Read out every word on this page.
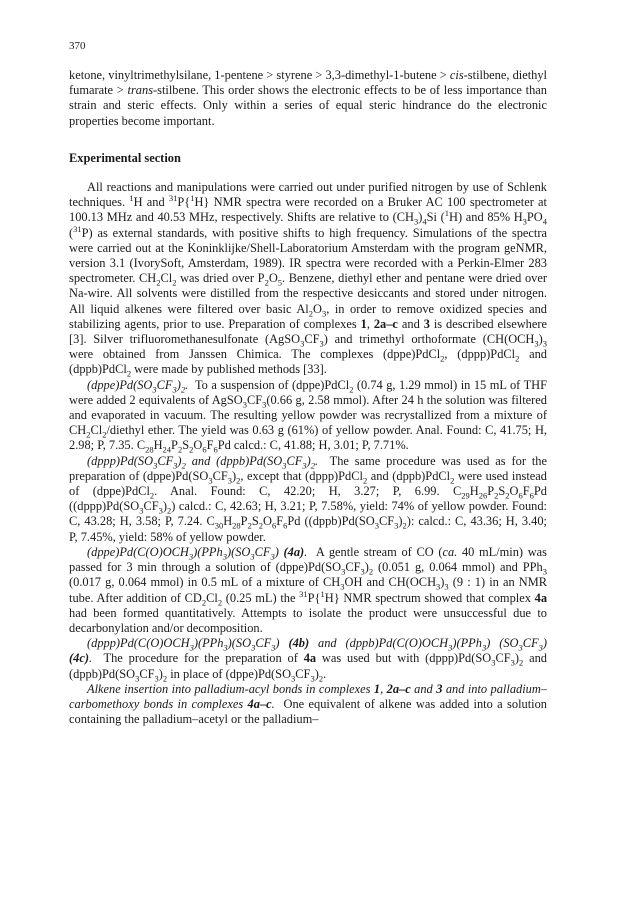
370

ketone, vinyltrimethylsilane, 1-pentene > styrene > 3,3-dimethyl-1-butene > cis-stilbene, diethyl fumarate > trans-stilbene. This order shows the electronic effects to be of less importance than strain and steric effects. Only within a series of equal steric hindrance do the electronic properties become important.

Experimental section

All reactions and manipulations were carried out under purified nitrogen by use of Schlenk techniques. $^1$H and $^{31}$P{$^1$H} NMR spectra were recorded on a Bruker AC 100 spectrometer at 100.13 MHz and 40.53 MHz, respectively. Shifts are relative to $(CH_3)_4Si$ ($^1$H) and 85% $H_3PO_4$ ($^{31}$P) as external standards, with positive shifts to high frequency. Simulations of the spectra were carried out at the Koninklijke/Shell-Laboratorium Amsterdam with the program geNMR, version 3.1 (IvorySoft, Amsterdam, 1989). IR spectra were recorded with a Perkin-Elmer 283 spectrometer. $CH_2Cl_2$ was dried over $P_2O_5$. Benzene, diethyl ether and pentane were dried over Na-wire. All solvents were distilled from the respective desiccants and stored under nitrogen. All liquid alkenes were filtered over basic $Al_2O_3$, in order to remove oxidized species and stabilizing agents, prior to use. Preparation of complexes 1, 2a–c and 3 is described elsewhere [3]. Silver trifluoromethanesulfonate $(AgSO_3CF_3)$ and trimethyl orthoformate ($CH(OCH_3)_3$ were obtained from Janssen Chimica. The complexes (dppe)PdCl$_2$, (dppp)PdCl$_2$ and (dppb)PdCl$_2$ were made by published methods [33].

$(dppe)Pd(SO_3CF_3)_2$.  To a suspension of (dppe)PdCl$_2$ (0.74 g, 1.29 mmol) in 15 mL of THF were added 2 equivalents of $AgSO_3CF_3(0.66$ g, 2.58 mmol). After 24 h the solution was filtered and evaporated in vacuum. The resulting yellow powder was recrystallized from a mixture of $CH_2Cl_2$/diethyl ether. The yield was 0.63 g (61%) of yellow powder. Anal. Found: C, 41.75; H, 2.98; P, 7.35. $C_{28}H_{24}P_2S_2O_6F_6Pd$ calcd.: C, 41.88; H, 3.01; P, 7.71%.

$(dppp)Pd(SO_3CF_3)_2$ and $(dppb)Pd(SO_3CF_3)_2$.  The same procedure was used as for the preparation of $(dppe)Pd(SO_3CF_3)_2$, except that (dppp)PdCl$_2$ and (dppb)PdCl$_2$ were used instead of (dppe)PdCl$_2$. Anal. Found: C, 42.20; H, 3.27; P, 6.99. $C_{29}H_{26}P_2S_2O_6F_6Pd$ $((dppp)Pd(SO_3CF_3)_2)$ calcd.: C, 42.63; H, 3.21; P, 7.58%, yield: 74% of yellow powder. Found: C, 43.28; H, 3.58; P, 7.24. $C_{30}H_{28}P_2S_2O_6F_6Pd$ $((dppb)Pd(SO_3CF_3)_2)$: calcd.: C, 43.36; H, 3.40; P, 7.45%, yield: 58% of yellow powder.

$(dppe)Pd(C(O)OCH_3)(PPh_3)(SO_3CF_3)$ (4a).  A gentle stream of CO (ca. 40 mL/min) was passed for 3 min through a solution of $(dppe)Pd(SO_3CF_3)_2$ (0.051 g, 0.064 mmol) and PPh$_3$ (0.017 g, 0.064 mmol) in 0.5 mL of a mixture of $CH_3OH$ and $CH(OCH_3)_3$ (9 : 1) in an NMR tube. After addition of $CD_2Cl_2$ (0.25 mL) the $^{31}$P{$^1$H} NMR spectrum showed that complex 4a had been formed quantitatively. Attempts to isolate the product were unsuccessful due to decarbonylation and/or decomposition.

$(dppp)Pd(C(O)OCH_3)(PPh_3)(SO_3CF_3)$ (4b) and $(dppb)Pd(C(O)OCH_3)(PPh_3)$ $(SO_3CF_3)$ (4c).  The procedure for the preparation of 4a was used but with $(dppp)Pd(SO_3CF_3)_2$ and $(dppb)Pd(SO_3CF_3)_2$ in place of $(dppe)Pd(SO_3CF_3)_2$.

Alkene insertion into palladium-acyl bonds in complexes 1, 2a–c and 3 and into palladium–carbomethoxy bonds in complexes 4a–c.  One equivalent of alkene was added into a solution containing the palladium–acetyl or the palladium–
